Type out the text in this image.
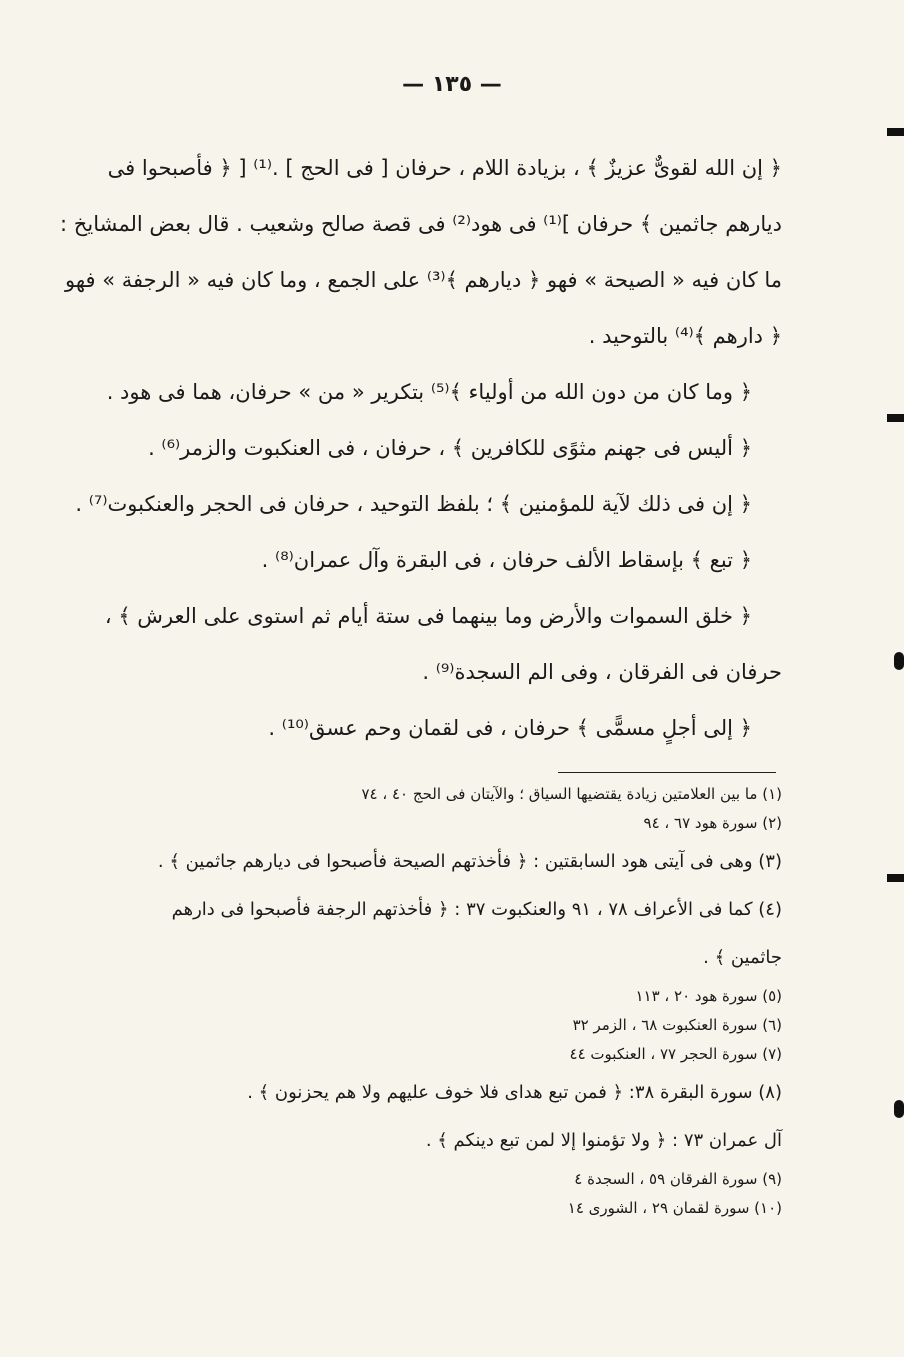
— ١٣٥ —

﴿ إن الله لقوىٌّ عزيزٌ ﴾ ، بزيادة اللام ، حرفان [ فى الحج ] .⁽¹⁾ [ ﴿ فأصبحوا فى

ديارهم جاثمين ﴾ حرفان ]⁽¹⁾ فى هود⁽²⁾ فى قصة صالح وشعيب . قال بعض المشايخ :

ما كان فيه « الصيحة » فهو ﴿ ديارهم ﴾⁽³⁾ على الجمع ، وما كان فيه « الرجفة » فهو

﴿ دارهم ﴾⁽⁴⁾ بالتوحيد .

﴿ وما كان من دون الله من أولياء ﴾⁽⁵⁾ بتكرير « من » حرفان، هما فى هود .

﴿ أليس فى جهنم مثوًى للكافرين ﴾ ، حرفان ، فى العنكبوت والزمر⁽⁶⁾ .

﴿ إن فى ذلك لآية للمؤمنين ﴾ ؛ بلفظ التوحيد ، حرفان فى الحجر والعنكبوت⁽⁷⁾ .

﴿ تبع ﴾ بإسقاط الألف حرفان ، فى البقرة وآل عمران⁽⁸⁾ .

﴿ خلق السموات والأرض وما بينهما فى ستة أيام ثم استوى على العرش ﴾ ،

حرفان فى الفرقان ، وفى الم السجدة⁽⁹⁾ .

﴿ إلى أجلٍ مسمًّى ﴾ حرفان ، فى لقمان وحم عسق⁽¹⁰⁾ .

(١) ما بين العلامتين زيادة يقتضيها السياق ؛ والآيتان فى الحج ٤٠ ، ٧٤

(٢) سورة هود ٦٧ ، ٩٤

(٣) وهى فى آيتى هود السابقتين : ﴿ فأخذتهم الصيحة فأصبحوا فى ديارهم جاثمين ﴾ .

(٤) كما فى الأعراف ٧٨ ، ٩١ والعنكبوت ٣٧ : ﴿ فأخذتهم الرجفة فأصبحوا فى دارهم

جاثمين ﴾ .

(٥) سورة هود ٢٠ ، ١١٣

(٦) سورة العنكبوت ٦٨ ، الزمر ٣٢

(٧) سورة الحجر ٧٧ ، العنكبوت ٤٤

(٨) سورة البقرة ٣٨: ﴿ فمن تبع هداى فلا خوف عليهم ولا هم يحزنون ﴾ .

آل عمران ٧٣ : ﴿ ولا تؤمنوا إلا لمن تبع دينكم ﴾ .

(٩) سورة الفرقان ٥٩ ، السجدة ٤

(١٠) سورة لقمان ٢٩ ، الشورى ١٤
